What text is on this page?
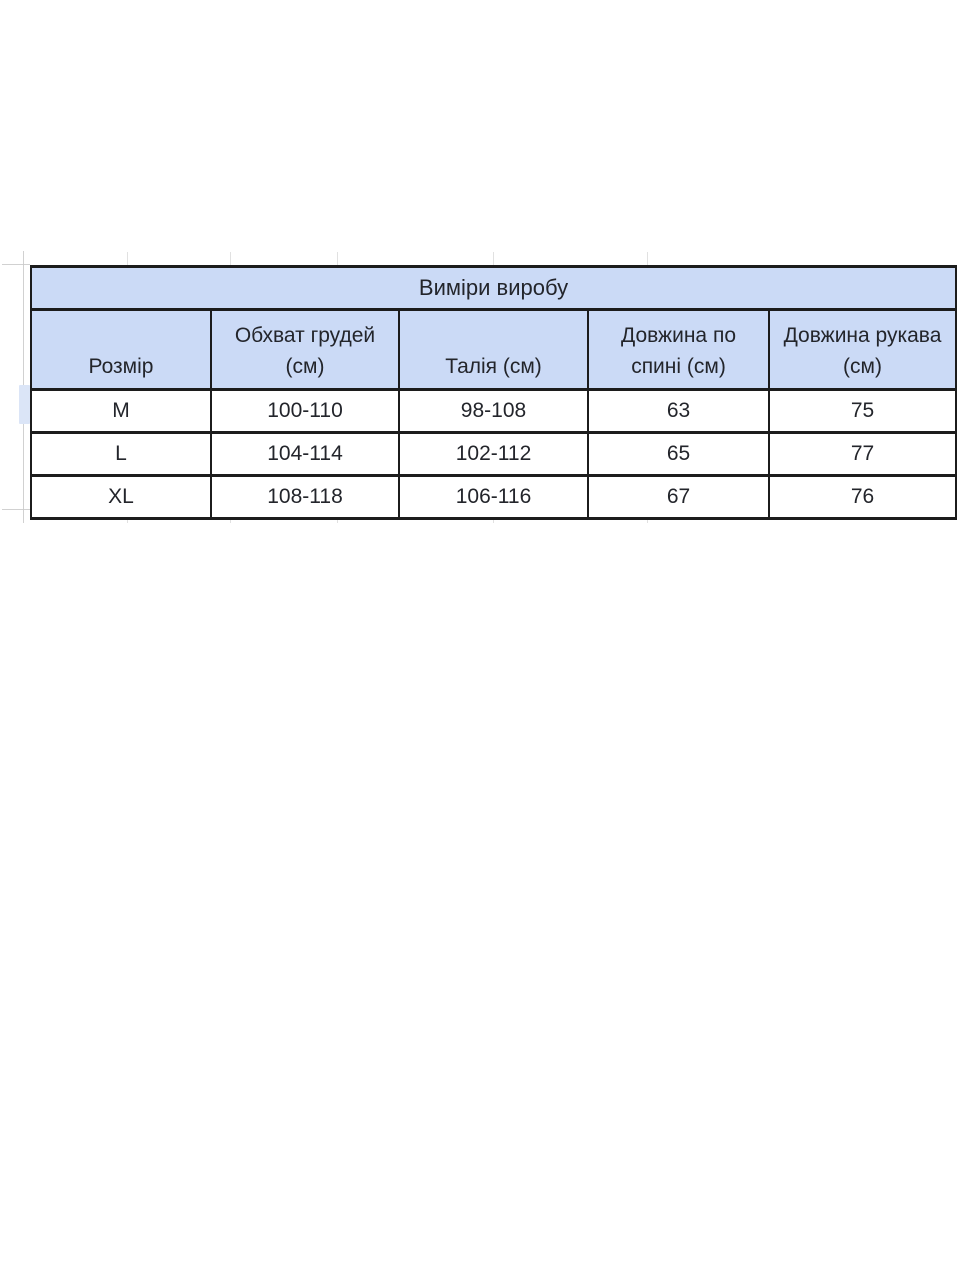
Виміри виробу				
Розмір	Обхват грудей (см)	Талія (см)	Довжина по спині (см)	Довжина рукава (см)
M	100-110	98-108	63	75
L	104-114	102-112	65	77
XL	108-118	106-116	67	76
